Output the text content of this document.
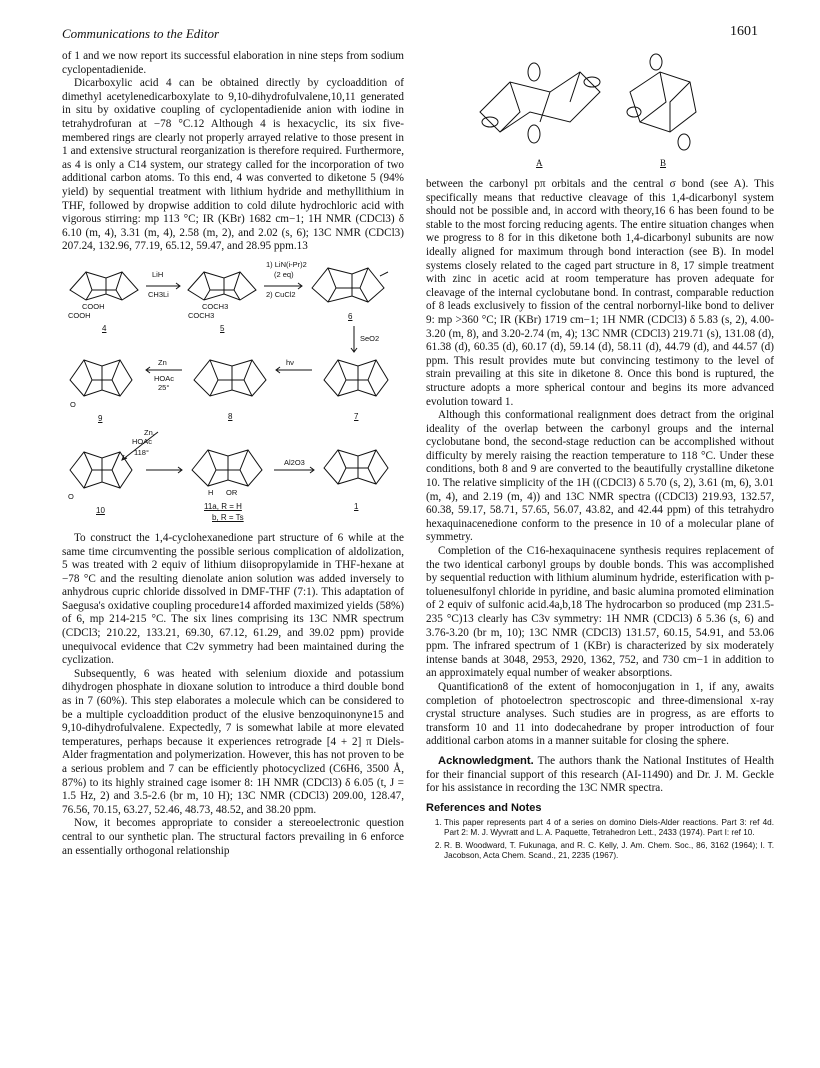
Communications to the Editor	1601

of 1 and we now report its successful elaboration in nine steps from sodium cyclopentadienide.

Dicarboxylic acid 4 can be obtained directly by cycloaddition of dimethyl acetylenedicarboxylate to 9,10-dihydrofulvalene,10,11 generated in situ by oxidative coupling of cyclopentadienide anion with iodine in tetrahydrofuran at −78 °C.12 Although 4 is hexacyclic, its six five-membered rings are clearly not properly arrayed relative to those present in 1 and extensive structural reorganization is therefore required. Furthermore, as 4 is only a C14 system, our strategy called for the incorporation of two additional carbon atoms. To this end, 4 was converted to diketone 5 (94% yield) by sequential treatment with lithium hydride and methyllithium in THF, followed by dropwise addition to cold dilute hydrochloric acid with vigorous stirring: mp 113 °C; IR (KBr) 1682 cm−1; 1H NMR (CDCl3) δ 6.10 (m, 4), 3.31 (m, 4), 2.58 (m, 2), and 2.02 (s, 6); 13C NMR (CDCl3) 207.24, 132.96, 77.19, 65.12, 59.47, and 28.95 ppm.13

LiH
CH3Li
1) LiN(i-Pr)2
(2 eq)
2) CuCl2
SeO2
hν
Zn
HOAc
25°
Zn,
HOAc
118°
Al2O3
COOH
COOH
COCH3
COCH3
H OR
O
O
4	5
6
9	8	7
10	11a, R = H
b, R = Ts
1

To construct the 1,4-cyclohexanedione part structure of 6 while at the same time circumventing the possible serious complication of aldolization, 5 was treated with 2 equiv of lithium diisopropylamide in THF-hexane at −78 °C and the resulting dienolate anion solution was added inversely to anhydrous cupric chloride dissolved in DMF-THF (7:1). This adaptation of Saegusa's oxidative coupling procedure14 afforded maximized yields (58%) of 6, mp 214-215 °C. The six lines comprising its 13C NMR spectrum (CDCl3; 210.22, 133.21, 69.30, 67.12, 61.29, and 39.02 ppm) provide unequivocal evidence that C2v symmetry had been maintained during the cyclization.

Subsequently, 6 was heated with selenium dioxide and potassium dihydrogen phosphate in dioxane solution to introduce a third double bond as in 7 (60%). This step elaborates a molecule which can be considered to be a multiple cycloaddition product of the elusive benzoquinonyne15 and 9,10-dihydrofulvalene. Expectedly, 7 is somewhat labile at more elevated temperatures, perhaps because it experiences retrograde [4 + 2] π Diels-Alder fragmentation and polymerization. However, this has not proven to be a serious problem and 7 can be efficiently photocyclized (C6H6, 3500 Å, 87%) to its highly strained cage isomer 8: 1H NMR (CDCl3) δ 6.05 (t, J = 1.5 Hz, 2) and 3.5-2.6 (br m, 10 H); 13C NMR (CDCl3) 209.00, 128.47, 76.56, 70.15, 63.27, 52.46, 48.73, 48.52, and 38.20 ppm.

Now, it becomes appropriate to consider a stereoelectronic question central to our synthetic plan. The structural factors prevailing in 6 enforce an essentially orthogonal relationship

A	B

between the carbonyl pπ orbitals and the central σ bond (see A). This specifically means that reductive cleavage of this 1,4-dicarbonyl system should not be possible and, in accord with theory,16 6 has been found to be stable to the most forcing reducing agents. The entire situation changes when we progress to 8 for in this diketone both 1,4-dicarbonyl subunits are now ideally aligned for maximum through bond interaction (see B). In model systems closely related to the caged part structure in 8, 17 simple treatment with zinc in acetic acid at room temperature has proven adequate for cleavage of the internal cyclobutane bond. In contrast, comparable reduction of 8 leads exclusively to fission of the central norbornyl-like bond to deliver 9: mp >360 °C; IR (KBr) 1719 cm−1; 1H NMR (CDCl3) δ 5.83 (s, 2), 4.00-3.20 (m, 8), and 3.20-2.74 (m, 4); 13C NMR (CDCl3) 219.71 (s), 131.08 (d), 61.38 (d), 60.35 (d), 60.17 (d), 59.14 (d), 58.11 (d), 44.79 (d), and 44.57 (d) ppm. This result provides mute but convincing testimony to the level of strain prevailing at this site in diketone 8. Once this bond is ruptured, the structure adopts a more spherical contour and begins its more advanced evolution toward 1.

Although this conformational realignment does detract from the original ideality of the overlap between the carbonyl groups and the internal cyclobutane bond, the second-stage reduction can be accomplished without difficulty by merely raising the reaction temperature to 118 °C. Under these conditions, both 8 and 9 are converted to the beautifully crystalline diketone 10. The relative simplicity of the 1H ((CDCl3) δ 5.70 (s, 2), 3.61 (m, 6), 3.01 (m, 4), and 2.19 (m, 4)) and 13C NMR spectra ((CDCl3) 219.93, 132.57, 60.38, 59.17, 58.71, 57.65, 56.07, 43.82, and 42.44 ppm) of this tetrahydro hexaquinacenedione conform to the presence in 10 of a molecular plane of symmetry.

Completion of the C16-hexaquinacene synthesis requires replacement of the two identical carbonyl groups by double bonds. This was accomplished by sequential reduction with lithium aluminum hydride, esterification with p-toluenesulfonyl chloride in pyridine, and basic alumina promoted elimination of 2 equiv of sulfonic acid.4a,b,18 The hydrocarbon so produced (mp 231.5-235 °C)13 clearly has C3v symmetry: 1H NMR (CDCl3) δ 5.36 (s, 6) and 3.76-3.20 (br m, 10); 13C NMR (CDCl3) 131.57, 60.15, 54.91, and 53.06 ppm. The infrared spectrum of 1 (KBr) is characterized by six moderately intense bands at 3048, 2953, 2920, 1362, 752, and 730 cm−1 in addition to an approximately equal number of weaker absorptions.

Quantification8 of the extent of homoconjugation in 1, if any, awaits completion of photoelectron spectroscopic and three-dimensional x-ray crystal structure analyses. Such studies are in progress, as are efforts to transform 10 and 11 into dodecahedrane by proper introduction of four additional carbon atoms in a manner suitable for closing the sphere.

Acknowledgment. The authors thank the National Institutes of Health for their financial support of this research (AI-11490) and Dr. J. M. Geckle for his assistance in recording the 13C NMR spectra.

References and Notes
1. This paper represents part 4 of a series on domino Diels-Alder reactions. Part 3: ref 4d. Part 2: M. J. Wyvratt and L. A. Paquette, Tetrahedron Lett., 2433 (1974). Part I: ref 10.
2. R. B. Woodward, T. Fukunaga, and R. C. Kelly, J. Am. Chem. Soc., 86, 3162 (1964); I. T. Jacobson, Acta Chem. Scand., 21, 2235 (1967).
